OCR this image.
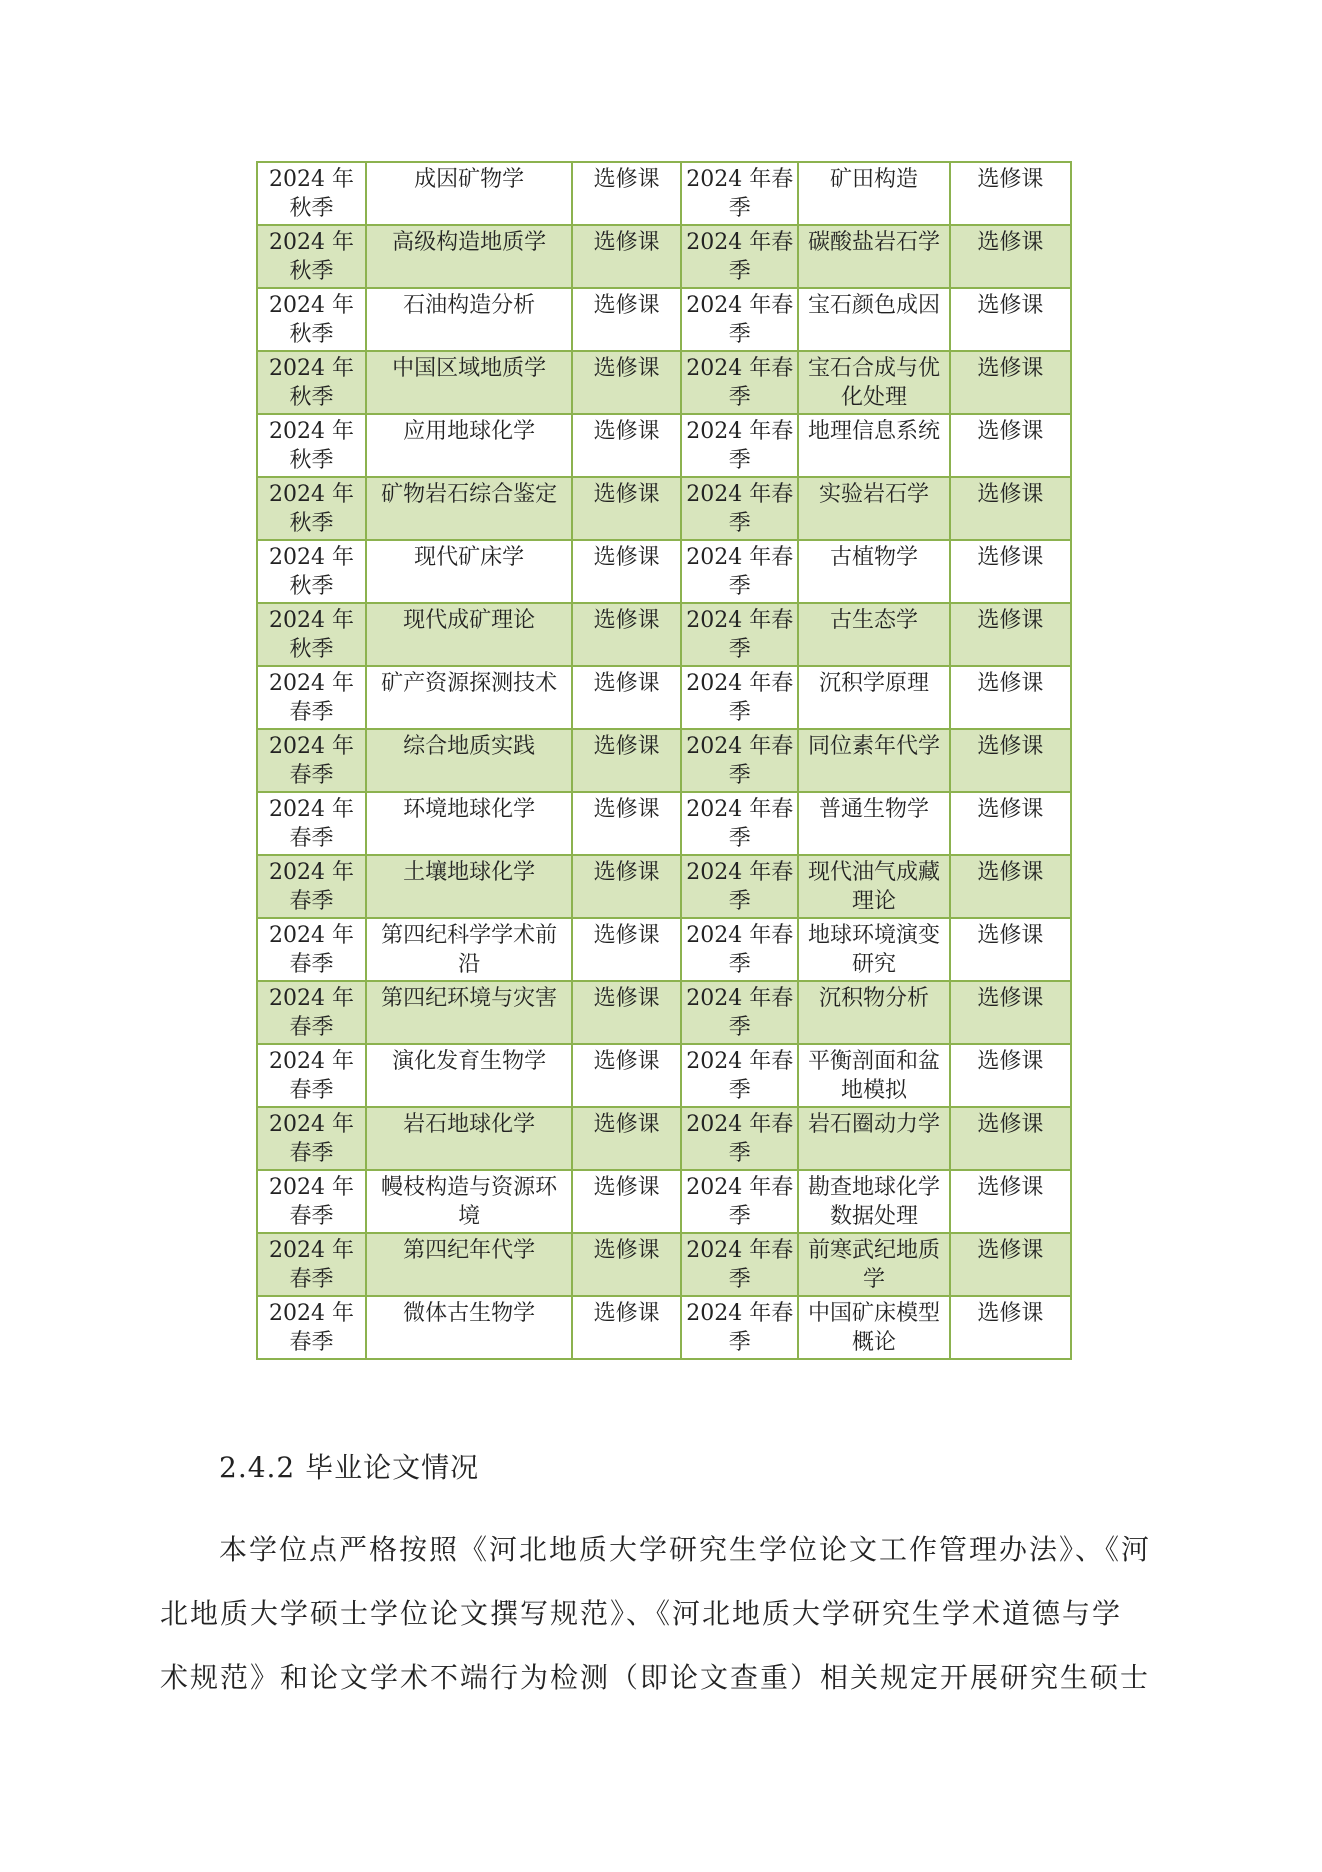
2024 年秋季	成因矿物学	选修课	2024 年春季	矿田构造	选修课
2024 年秋季	高级构造地质学	选修课	2024 年春季	碳酸盐岩石学	选修课
2024 年秋季	石油构造分析	选修课	2024 年春季	宝石颜色成因	选修课
2024 年秋季	中国区域地质学	选修课	2024 年春季	宝石合成与优化处理	选修课
2024 年秋季	应用地球化学	选修课	2024 年春季	地理信息系统	选修课
2024 年秋季	矿物岩石综合鉴定	选修课	2024 年春季	实验岩石学	选修课
2024 年秋季	现代矿床学	选修课	2024 年春季	古植物学	选修课
2024 年秋季	现代成矿理论	选修课	2024 年春季	古生态学	选修课
2024 年春季	矿产资源探测技术	选修课	2024 年春季	沉积学原理	选修课
2024 年春季	综合地质实践	选修课	2024 年春季	同位素年代学	选修课
2024 年春季	环境地球化学	选修课	2024 年春季	普通生物学	选修课
2024 年春季	土壤地球化学	选修课	2024 年春季	现代油气成藏理论	选修课
2024 年春季	第四纪科学学术前沿	选修课	2024 年春季	地球环境演变研究	选修课
2024 年春季	第四纪环境与灾害	选修课	2024 年春季	沉积物分析	选修课
2024 年春季	演化发育生物学	选修课	2024 年春季	平衡剖面和盆地模拟	选修课
2024 年春季	岩石地球化学	选修课	2024 年春季	岩石圈动力学	选修课
2024 年春季	幔枝构造与资源环境	选修课	2024 年春季	勘查地球化学数据处理	选修课
2024 年春季	第四纪年代学	选修课	2024 年春季	前寒武纪地质学	选修课
2024 年春季	微体古生物学	选修课	2024 年春季	中国矿床模型概论	选修课
2.4.2 毕业论文情况

本学位点严格按照《河北地质大学研究生学位论文工作管理办法》、《河

北地质大学硕士学位论文撰写规范》、《河北地质大学研究生学术道德与学

术规范》和论文学术不端行为检测（即论文查重）相关规定开展研究生硕士
